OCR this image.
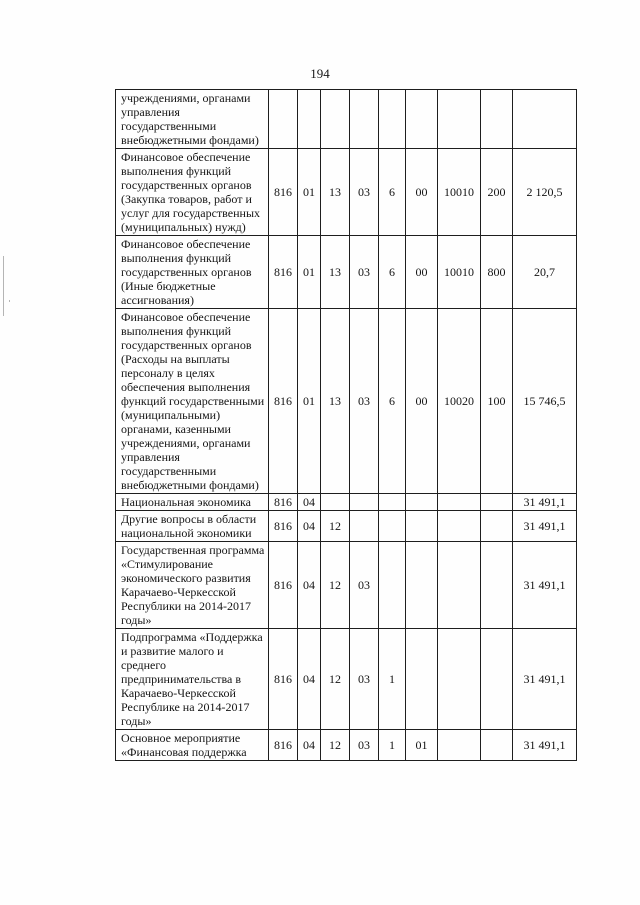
194
учреждениями, органами управления государственными внебюджетными фондами)									
Финансовое обеспечение выполнения функций государственных органов (Закупка товаров, работ и услуг для государственных (муниципальных) нужд)	816	01	13	03	6	00	10010	200	2 120,5
Финансовое обеспечение выполнения функций государственных органов (Иные бюджетные ассигнования)	816	01	13	03	6	00	10010	800	20,7
Финансовое обеспечение выполнения функций государственных органов (Расходы на выплаты персоналу в целях обеспечения выполнения функций государственными (муниципальными) органами, казенными учреждениями, органами управления государственными внебюджетными фондами)	816	01	13	03	6	00	10020	100	15 746,5
Национальная экономика	816	04							31 491,1
Другие вопросы в области национальной экономики	816	04	12						31 491,1
Государственная программа «Стимулирование экономического развития Карачаево-Черкесской Республики на 2014-2017 годы»	816	04	12	03					31 491,1
Подпрограмма «Поддержка и развитие малого и среднего предпринимательства в Карачаево-Черкесской Республике на 2014-2017 годы»	816	04	12	03	1				31 491,1
Основное мероприятие «Финансовая поддержка	816	04	12	03	1	01			31 491,1
